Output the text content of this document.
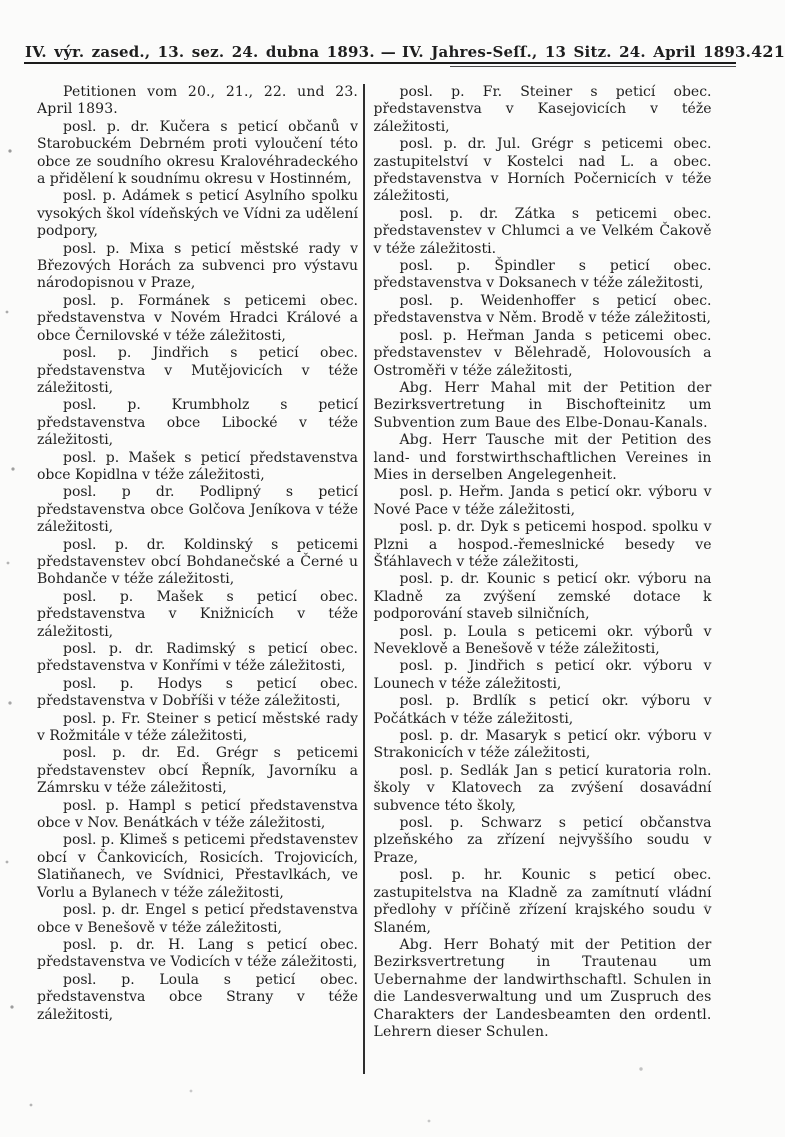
IV. výr. zased., 13. sez. 24. dubna 1893. — IV. Jahres-Seſſ., 13 Sitz. 24. April 1893. 421

Petitionen vom 20., 21., 22. und 23. April 1893.

posl. p. dr. Kučera s peticí občanů v Starobuckém Debrném proti vyloučení této obce ze soudního okresu Kralovéhradeckého a přidělení k soudnímu okresu v Hostinném,

posl. p. Adámek s peticí Asylního spolku vysokých škol vídeňských ve Vídni za udělení podpory,

posl. p. Mixa s peticí městské rady v Březových Horách za subvenci pro výstavu národopisnou v Praze,

posl. p. Formánek s peticemi obec. představenstva v Novém Hradci Králové a obce Černilovské v téže záležitosti,

posl. p. Jindřich s peticí obec. představenstva v Mutějovicích v téže záležitosti,

posl. p. Krumbholz s peticí představenstva obce Libocké v téže záležitosti,

posl. p. Mašek s peticí představenstva obce Kopidlna v téže záležitosti,

posl. p dr. Podlipný s peticí představenstva obce Golčova Jeníkova v téže záležitosti,

posl. p. dr. Koldinský s peticemi představenstev obcí Bohdanečské a Černé u Bohdanče v téže záležitosti,

posl. p. Mašek s peticí obec. představenstva v Knižnicích v téže záležitosti,

posl. p. dr. Radimský s peticí obec. představenstva v Konřími v téže záležitosti,

posl. p. Hodys s peticí obec. představenstva v Dobříši v téže záležitosti,

posl. p. Fr. Steiner s peticí městské rady v Rožmitále v téže záležitosti,

posl. p. dr. Ed. Grégr s peticemi představenstev obcí Řepník, Javorníku a Zámrsku v téže záležitosti,

posl. p. Hampl s peticí představenstva obce v Nov. Benátkách v téže záležitosti,

posl. p. Klimeš s peticemi představenstev obcí v Čankovicích, Rosicích. Trojovicích, Slatiňanech, ve Svídnici, Přestavlkách, ve Vorlu a Bylanech v téže záležitosti,

posl. p. dr. Engel s peticí představenstva obce v Benešově v téže záležitosti,

posl. p. dr. H. Lang s peticí obec. představenstva ve Vodicích v téže záležitosti,

posl. p. Loula s peticí obec. představenstva obce Strany v téže záležitosti,

posl. p. Fr. Steiner s peticí obec. představenstva v Kasejovicích v téže záležitosti,

posl. p. dr. Jul. Grégr s peticemi obec. zastupitelství v Kostelci nad L. a obec. představenstva v Horních Počernicích v téže záležitosti,

posl. p. dr. Zátka s peticemi obec. představenstev v Chlumci a ve Velkém Čakově v téže záležitosti.

posl. p. Špindler s peticí obec. představenstva v Doksanech v téže záležitosti,

posl. p. Weidenhoffer s peticí obec. představenstva v Něm. Brodě v téže záležitosti,

posl. p. Heřman Janda s peticemi obec. představenstev v Bělehradě, Holovousích a Ostroměři v téže záležitosti,

Abg. Herr Mahal mit der Petition der Bezirksvertretung in Bischofteinitz um Subvention zum Baue des Elbe-Donau-Kanals.

Abg. Herr Tausche mit der Petition des land- und forstwirthschaftlichen Vereines in Mies in derselben Angelegenheit.

posl. p. Heřm. Janda s peticí okr. výboru v Nové Pace v téže záležitosti,

posl. p. dr. Dyk s peticemi hospod. spolku v Plzni a hospod.-řemeslnické besedy ve Šťáhlavech v téže záležitosti,

posl. p. dr. Kounic s peticí okr. výboru na Kladně za zvýšení zemské dotace k podporování staveb silničních,

posl. p. Loula s peticemi okr. výborů v Neveklově a Benešově v téže záležitosti,

posl. p. Jindřich s peticí okr. výboru v Lounech v téže záležitosti,

posl. p. Brdlík s peticí okr. výboru v Počátkách v téže záležitosti,

posl. p. dr. Masaryk s peticí okr. výboru v Strakonicích v téže záležitosti,

posl. p. Sedlák Jan s peticí kuratoria roln. školy v Klatovech za zvýšení dosavádní subvence této školy,

posl. p. Schwarz s peticí občanstva plzeňského za zřízení nejvyššího soudu v Praze,

posl. p. hr. Kounic s peticí obec. zastupitelstva na Kladně za zamítnutí vládní předlohy v příčině zřízení krajského soudu v Slaném,

Abg. Herr Bohatý mit der Petition der Bezirksvertretung in Trautenau um Uebernahme der landwirthschaftl. Schulen in die Landesverwaltung und um Zuspruch des Charakters der Landesbeamten den ordentl. Lehrern dieser Schulen.
